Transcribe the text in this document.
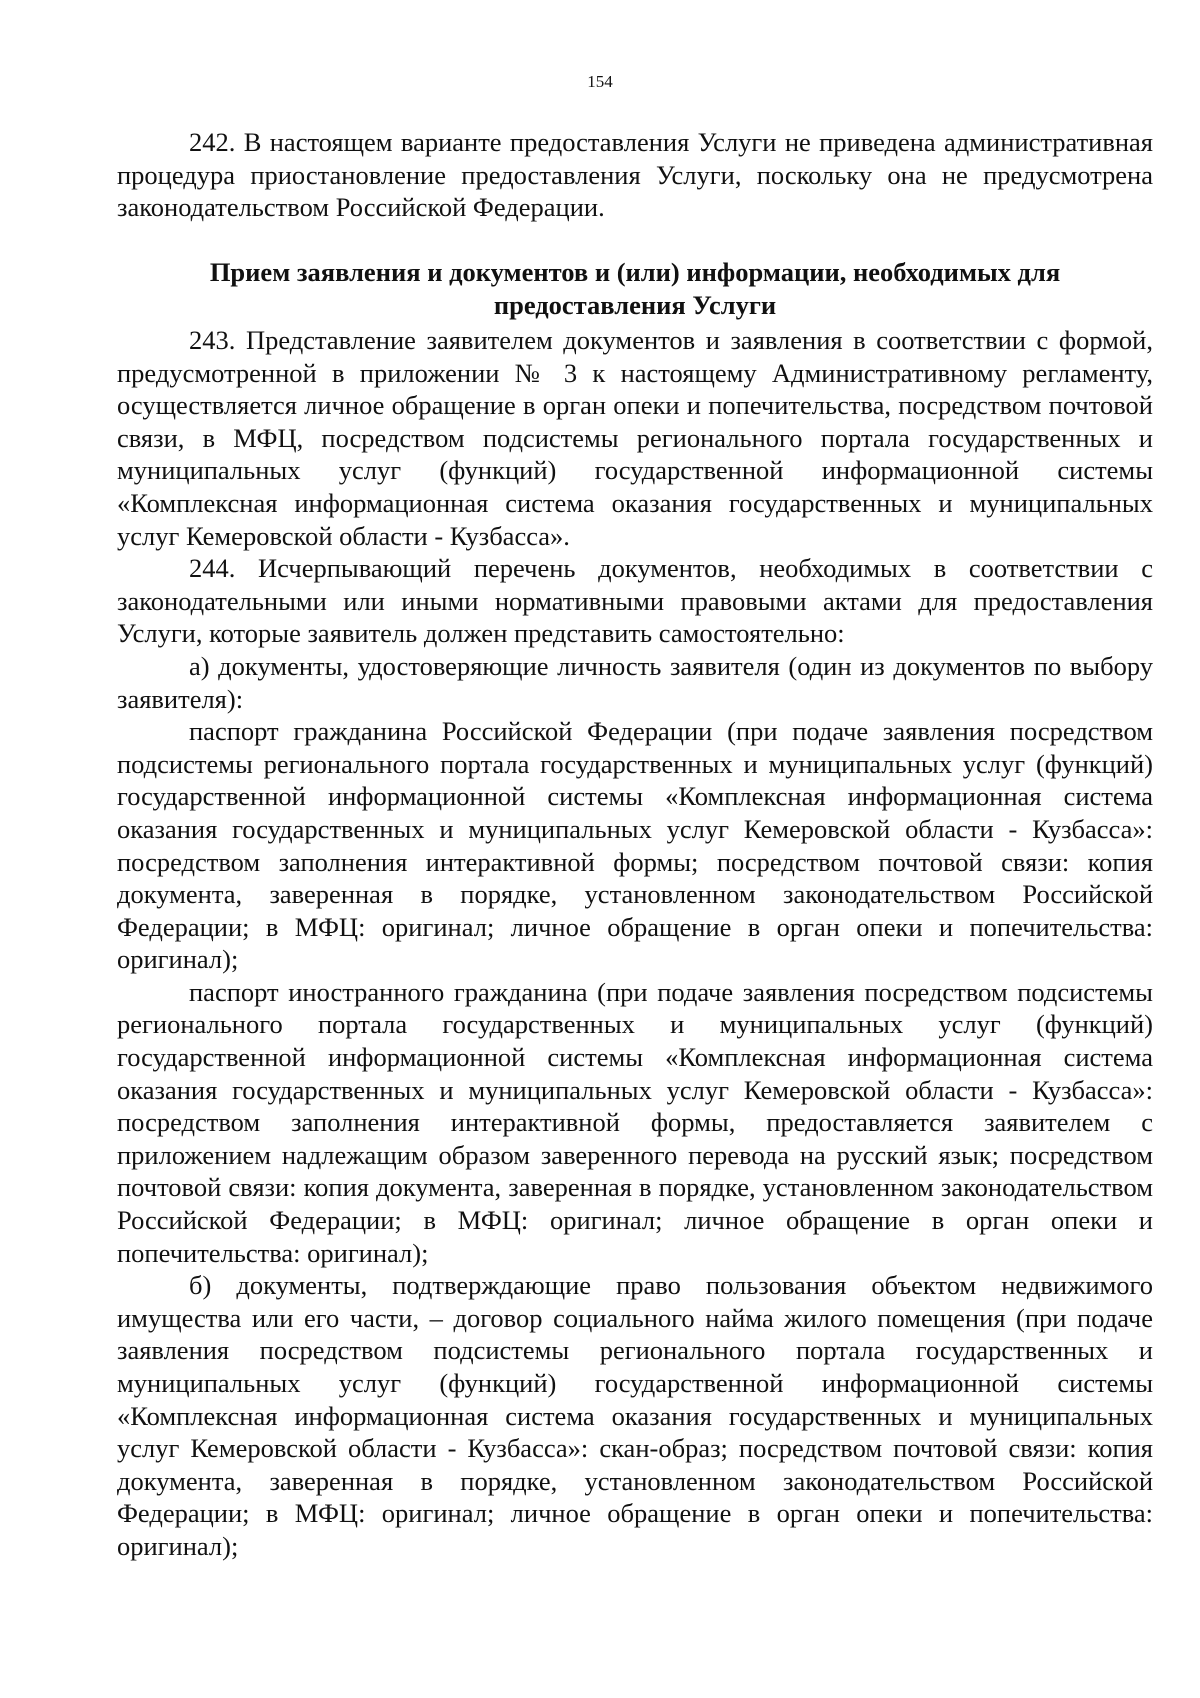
154

242. В настоящем варианте предоставления Услуги не приведена административная процедура приостановление предоставления Услуги, поскольку она не предусмотрена законодательством Российской Федерации.

Прием заявления и документов и (или) информации, необходимых для предоставления Услуги

243. Представление заявителем документов и заявления в соответствии с формой, предусмотренной в приложении № 3 к настоящему Административному регламенту, осуществляется личное обращение в орган опеки и попечительства, посредством почтовой связи, в МФЦ, посредством подсистемы регионального портала государственных и муниципальных услуг (функций) государственной информационной системы «Комплексная информационная система оказания государственных и муниципальных услуг Кемеровской области - Кузбасса».

244. Исчерпывающий перечень документов, необходимых в соответствии с законодательными или иными нормативными правовыми актами для предоставления Услуги, которые заявитель должен представить самостоятельно:

а) документы, удостоверяющие личность заявителя (один из документов по выбору заявителя):

паспорт гражданина Российской Федерации (при подаче заявления посредством подсистемы регионального портала государственных и муниципальных услуг (функций) государственной информационной системы «Комплексная информационная система оказания государственных и муниципальных услуг Кемеровской области - Кузбасса»: посредством заполнения интерактивной формы; посредством почтовой связи: копия документа, заверенная в порядке, установленном законодательством Российской Федерации; в МФЦ: оригинал; личное обращение в орган опеки и попечительства: оригинал);

паспорт иностранного гражданина (при подаче заявления посредством подсистемы регионального портала государственных и муниципальных услуг (функций) государственной информационной системы «Комплексная информационная система оказания государственных и муниципальных услуг Кемеровской области - Кузбасса»: посредством заполнения интерактивной формы, предоставляется заявителем с приложением надлежащим образом заверенного перевода на русский язык; посредством почтовой связи: копия документа, заверенная в порядке, установленном законодательством Российской Федерации; в МФЦ: оригинал; личное обращение в орган опеки и попечительства: оригинал);

б) документы, подтверждающие право пользования объектом недвижимого имущества или его части, – договор социального найма жилого помещения (при подаче заявления посредством подсистемы регионального портала государственных и муниципальных услуг (функций) государственной информационной системы «Комплексная информационная система оказания государственных и муниципальных услуг Кемеровской области - Кузбасса»: скан-образ; посредством почтовой связи: копия документа, заверенная в порядке, установленном законодательством Российской Федерации; в МФЦ: оригинал; личное обращение в орган опеки и попечительства: оригинал);
